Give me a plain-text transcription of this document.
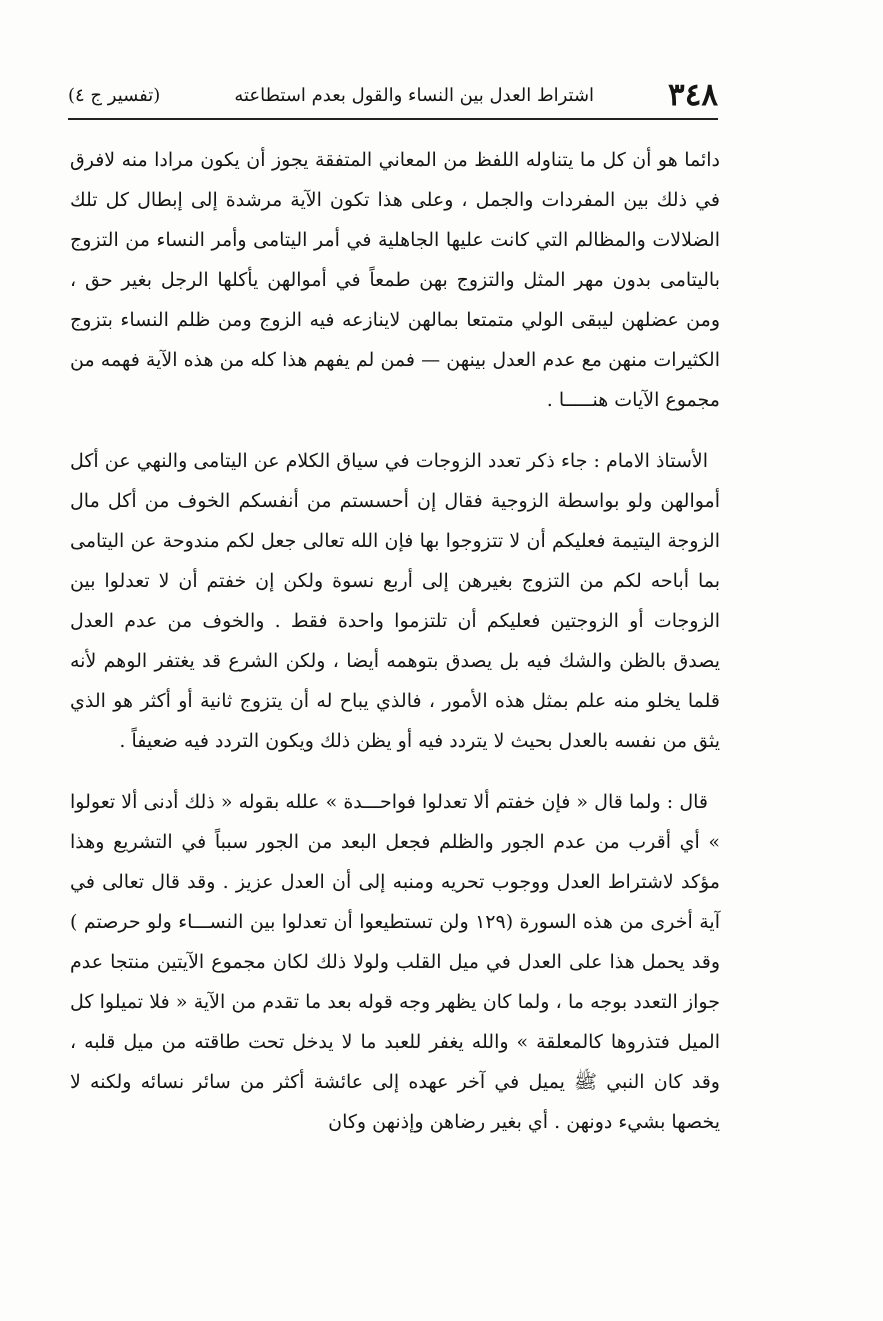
٣٤٨
اشتراط العدل بين النساء والقول بعدم استطاعته
(تفسير ج ٤)

دائما هو أن كل ما يتناوله اللفظ من المعاني المتفقة يجوز أن يكون مرادا منه لافرق في ذلك بين المفردات والجمل ، وعلى هذا تكون الآية مرشدة إلى إبطال كل تلك الضلالات والمظالم التي كانت عليها الجاهلية في أمر اليتامى وأمر النساء من التزوج باليتامى بدون مهر المثل والتزوج بهن طمعاً في أموالهن يأكلها الرجل بغير حق ، ومن عضلهن ليبقى الولي متمتعا بمالهن لاينازعه فيه الزوج ومن ظلم النساء بتزوج الكثيرات منهن مع عدم العدل بينهن — فمن لم يفهم هذا كله من هذه الآية فهمه من مجموع الآيات هنـــــا .

الأستاذ الامام : جاء ذكر تعدد الزوجات في سياق الكلام عن اليتامى والنهي عن أكل أموالهن ولو بواسطة الزوجية فقال إن أحسستم من أنفسكم الخوف من أكل مال الزوجة اليتيمة فعليكم أن لا تتزوجوا بها فإن الله تعالى جعل لكم مندوحة عن اليتامى بما أباحه لكم من التزوج بغيرهن إلى أربع نسوة ولكن إن خفتم أن لا تعدلوا بين الزوجات أو الزوجتين فعليكم أن تلتزموا واحدة فقط . والخوف من عدم العدل يصدق بالظن والشك فيه بل يصدق بتوهمه أيضا ، ولكن الشرع قد يغتفر الوهم لأنه قلما يخلو منه علم بمثل هذه الأمور ، فالذي يباح له أن يتزوج ثانية أو أكثر هو الذي يثق من نفسه بالعدل بحيث لا يتردد فيه أو يظن ذلك ويكون التردد فيه ضعيفاً .

قال : ولما قال « فإن خفتم ألا تعدلوا فواحـــدة » علله بقوله « ذلك أدنى ألا تعولوا » أي أقرب من عدم الجور والظلم فجعل البعد من الجور سبباً في التشريع وهذا مؤكد لاشتراط العدل ووجوب تحريه ومنبه إلى أن العدل عزيز . وقد قال تعالى في آية أخرى من هذه السورة (١٢٩ ولن تستطيعوا أن تعدلوا بين النســـاء ولو حرصتم ) وقد يحمل هذا على العدل في ميل القلب ولولا ذلك لكان مجموع الآيتين منتجا عدم جواز التعدد بوجه ما ، ولما كان يظهر وجه قوله بعد ما تقدم من الآية « فلا تميلوا كل الميل فتذروها كالمعلقة » والله يغفر للعبد ما لا يدخل تحت طاقته من ميل قلبه ، وقد كان النبي ﷺ يميل في آخر عهده إلى عائشة أكثر من سائر نسائه ولكنه لا يخصها بشيء دونهن . أي بغير رضاهن وإذنهن وكان
